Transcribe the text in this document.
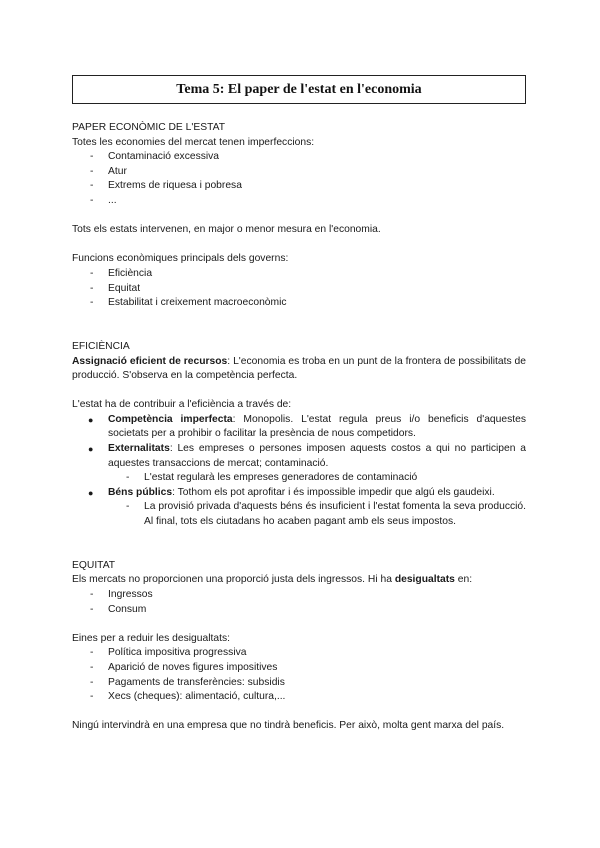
Tema 5: El paper de l'estat en l'economia

PAPER ECONÒMIC DE L'ESTAT

Totes les economies del mercat tenen imperfeccions:

- Contaminació excessiva
- Atur
- Extrems de riquesa i pobresa
- ...

Tots els estats intervenen, en major o menor mesura en l'economia.

Funcions econòmiques principals dels governs:

- Eficiència
- Equitat
- Estabilitat i creixement macroeconòmic

EFICIÈNCIA

Assignació eficient de recursos: L'economia es troba en un punt de la frontera de possibilitats de producció. S'observa en la competència perfecta.

L'estat ha de contribuir a l'eficiència a través de:

● Competència imperfecta: Monopolis. L'estat regula preus i/o beneficis d'aquestes societats per a prohibir o facilitar la presència de nous competidors.
● Externalitats: Les empreses o persones imposen aquests costos a qui no participen a aquestes transaccions de mercat; contaminació.
- L'estat regularà les empreses generadores de contaminació
● Béns públics: Tothom els pot aprofitar i és impossible impedir que algú els gaudeixi.
- La provisió privada d'aquests béns és insuficient i l'estat fomenta la seva producció. Al final, tots els ciutadans ho acaben pagant amb els seus impostos.

EQUITAT

Els mercats no proporcionen una proporció justa dels ingressos. Hi ha desigualtats en:

- Ingressos
- Consum

Eines per a reduir les desigualtats:

- Política impositiva progressiva
- Aparició de noves figures impositives
- Pagaments de transferències: subsidis
- Xecs (cheques): alimentació, cultura,...

Ningú intervindrà en una empresa que no tindrà beneficis. Per això, molta gent marxa del país.
